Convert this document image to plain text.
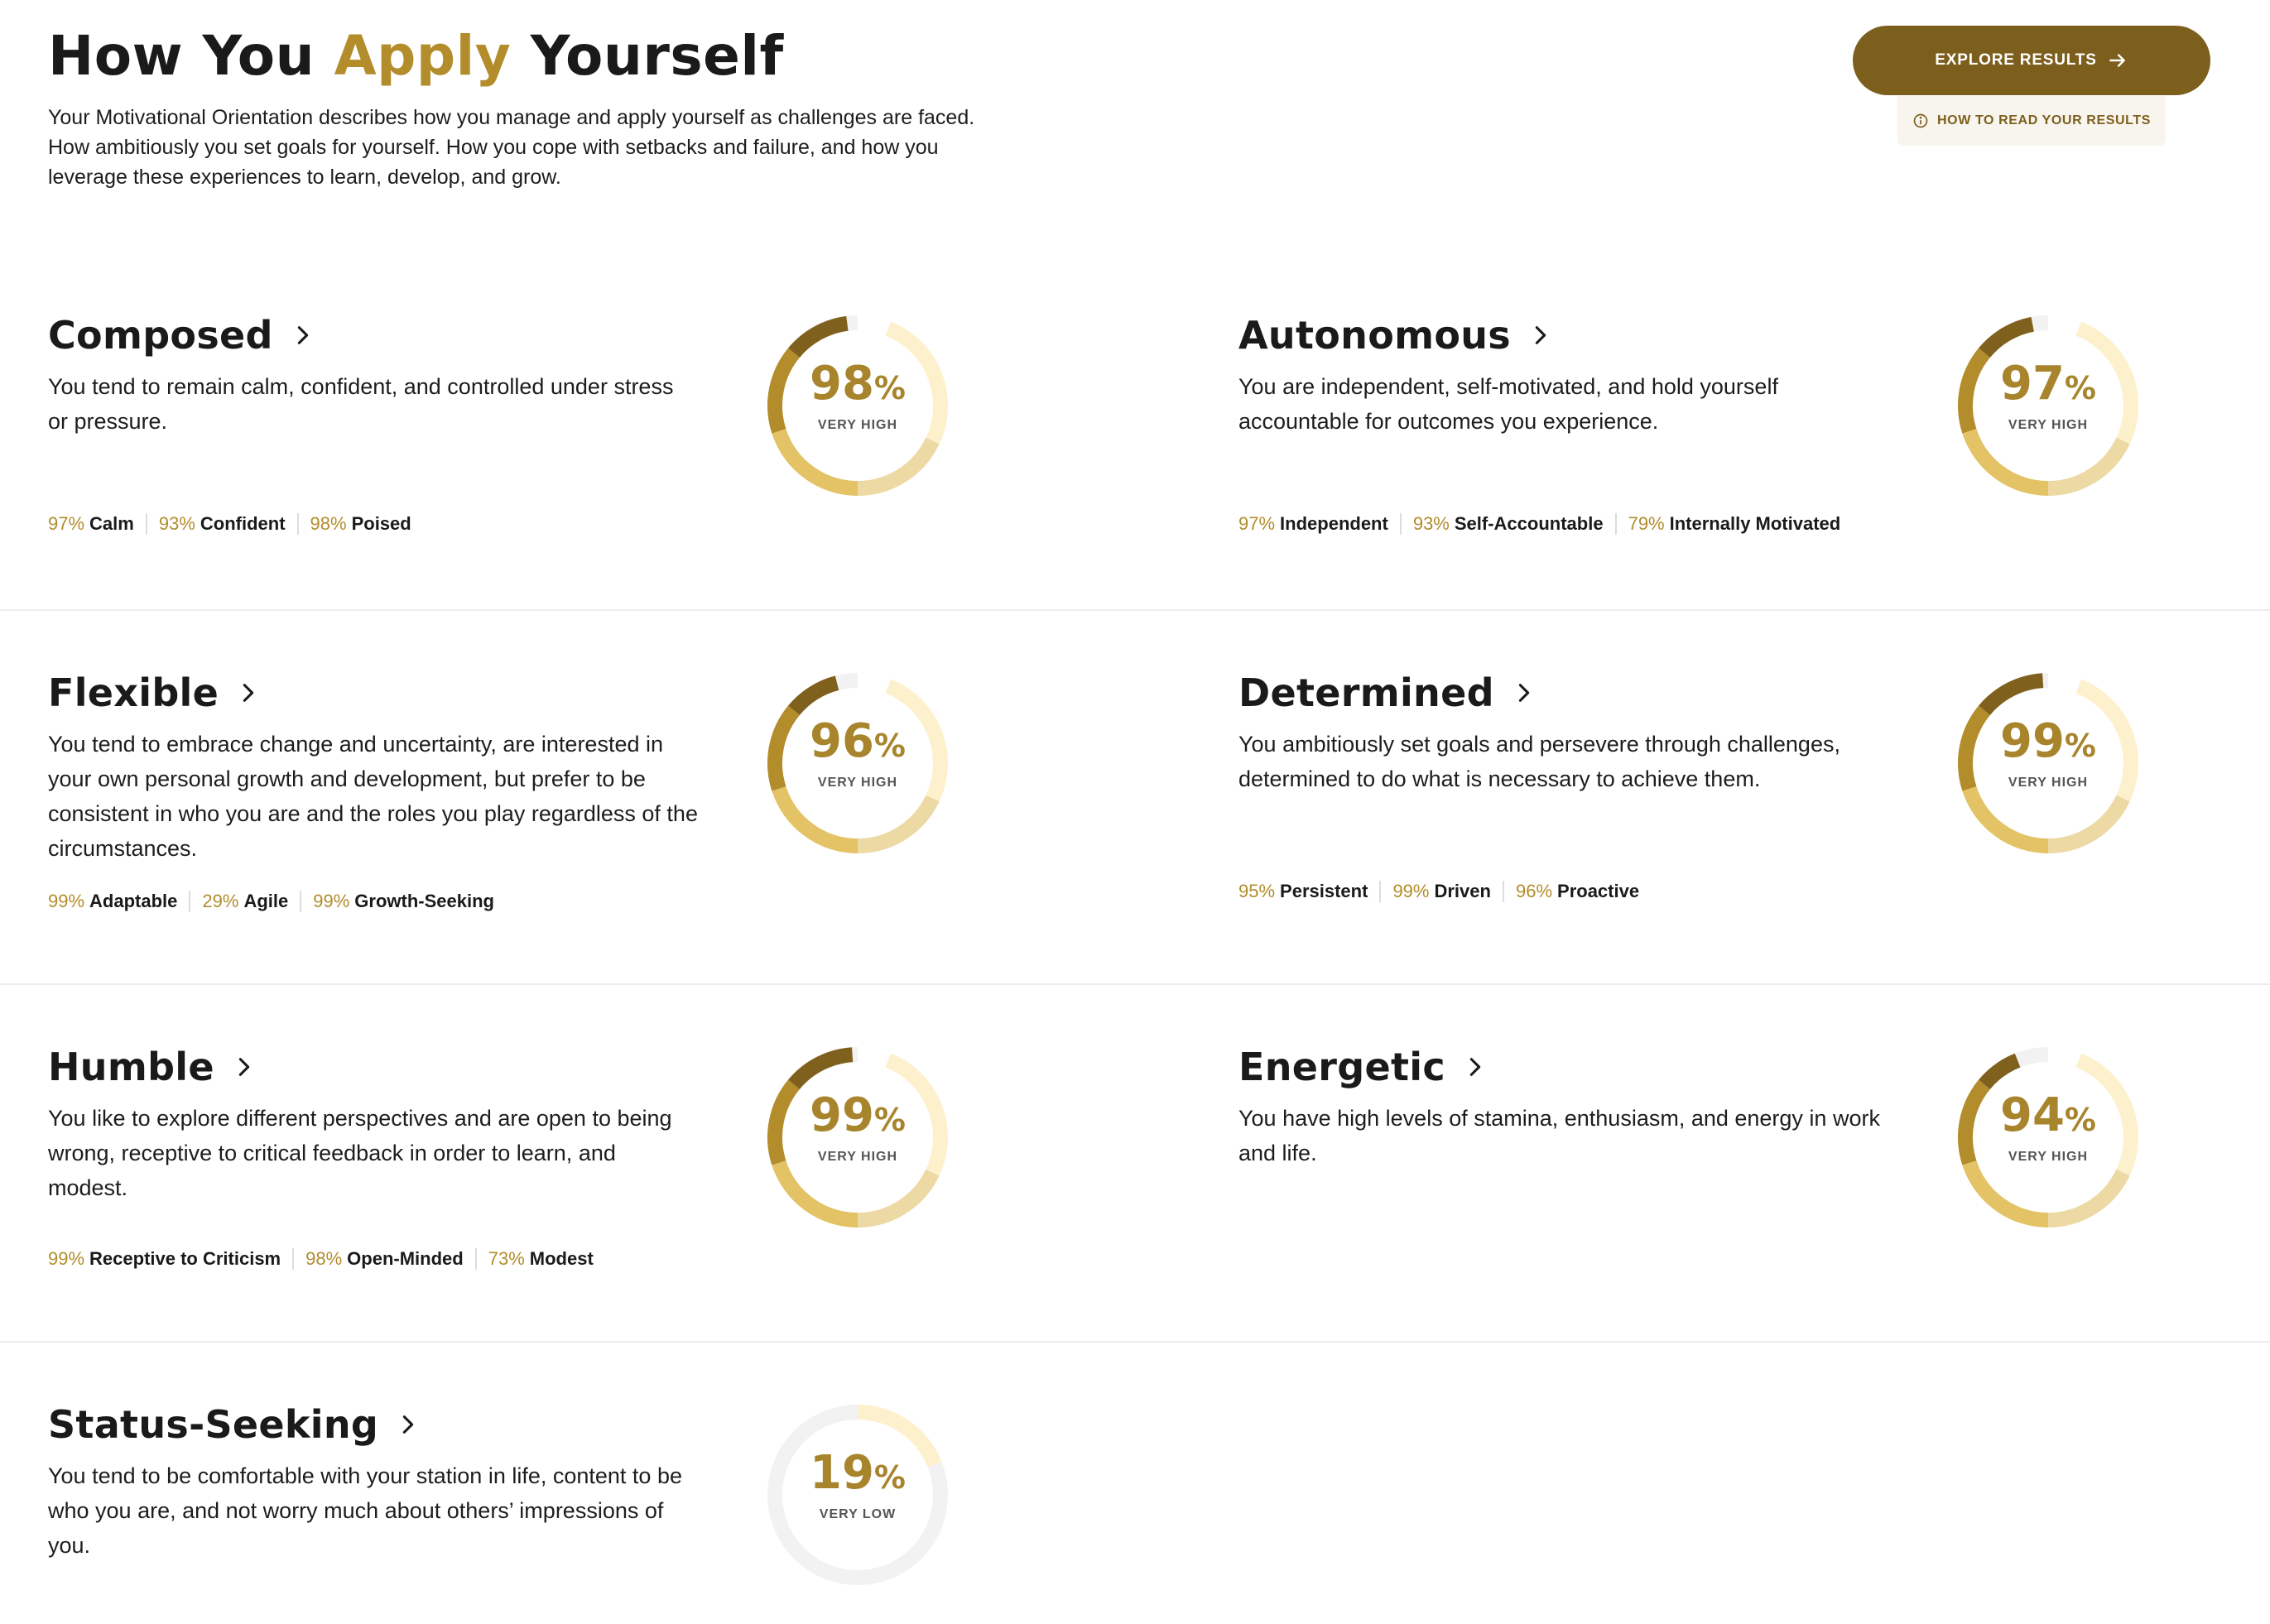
How You Apply Yourself
Your Motivational Orientation describes how you manage and apply yourself as challenges are faced. How ambitiously you set goals for yourself. How you cope with setbacks and failure, and how you leverage these experiences to learn, develop, and grow.
EXPLORE RESULTS
HOW TO READ YOUR RESULTS
Composed
You tend to remain calm, confident, and controlled under stress
or pressure.
97% Calm 93% Confident 98% Poised
98%
VERY HIGH
Autonomous
You are independent, self-motivated, and hold yourself
accountable for outcomes you experience.
97% Independent 93% Self-Accountable 79% Internally Motivated
97%
VERY HIGH
Flexible
You tend to embrace change and uncertainty, are interested in
your own personal growth and development, but prefer to be
consistent in who you are and the roles you play regardless of the
circumstances.
99% Adaptable 29% Agile 99% Growth-Seeking
96%
VERY HIGH
Determined
You ambitiously set goals and persevere through challenges,
determined to do what is necessary to achieve them.
95% Persistent 99% Driven 96% Proactive
99%
VERY HIGH
Humble
You like to explore different perspectives and are open to being
wrong, receptive to critical feedback in order to learn, and
modest.
99% Receptive to Criticism 98% Open-Minded 73% Modest
99%
VERY HIGH
Energetic
You have high levels of stamina, enthusiasm, and energy in work
and life.
94%
VERY HIGH
Status-Seeking
You tend to be comfortable with your station in life, content to be
who you are, and not worry much about others’ impressions of
you.
19%
VERY LOW
